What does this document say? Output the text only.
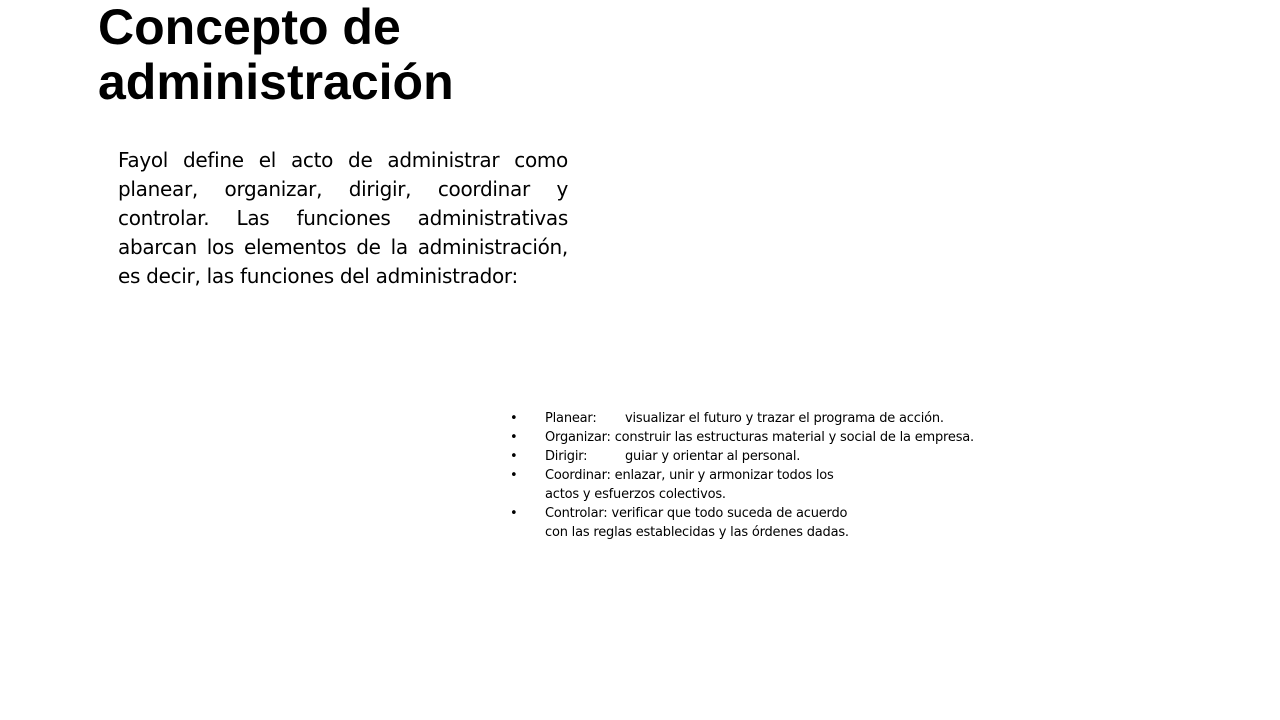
Concepto de
administración

Fayol define el acto de administrar como planear, organizar, dirigir, coordinar y controlar. Las funciones administrativas abarcan los elementos de la administración, es decir, las funciones del administrador:

• Planear:	visualizar el futuro y trazar el programa de acción.
• Organizar: construir las estructuras material y social de la empresa.
• Dirigir:	guiar y orientar al personal.
• Coordinar: enlazar, unir y armonizar todos los
actos y esfuerzos colectivos.
• Controlar: verificar que todo suceda de acuerdo
con las reglas establecidas y las órdenes dadas.
